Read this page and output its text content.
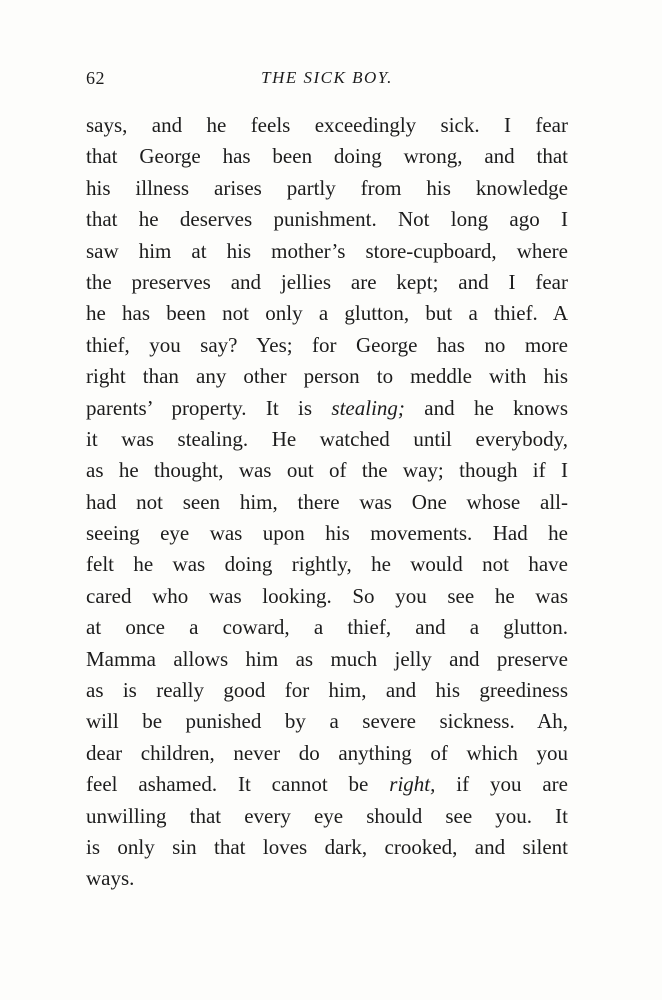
62	THE SICK BOY.
says, and he feels exceedingly sick. I fear
that George has been doing wrong, and that
his illness arises partly from his knowledge
that he deserves punishment. Not long ago I
saw him at his mother’s store-cupboard, where
the preserves and jellies are kept; and I fear
he has been not only a glutton, but a thief. A
thief, you say? Yes; for George has no more
right than any other person to meddle with his
parents’ property. It is stealing; and he knows
it was stealing. He watched until everybody,
as he thought, was out of the way; though if I
had not seen him, there was One whose all-
seeing eye was upon his movements. Had he
felt he was doing rightly, he would not have
cared who was looking. So you see he was
at once a coward, a thief, and a glutton.
Mamma allows him as much jelly and preserve
as is really good for him, and his greediness
will be punished by a severe sickness. Ah,
dear children, never do anything of which you
feel ashamed. It cannot be right, if you are
unwilling that every eye should see you. It
is only sin that loves dark, crooked, and silent
ways.
